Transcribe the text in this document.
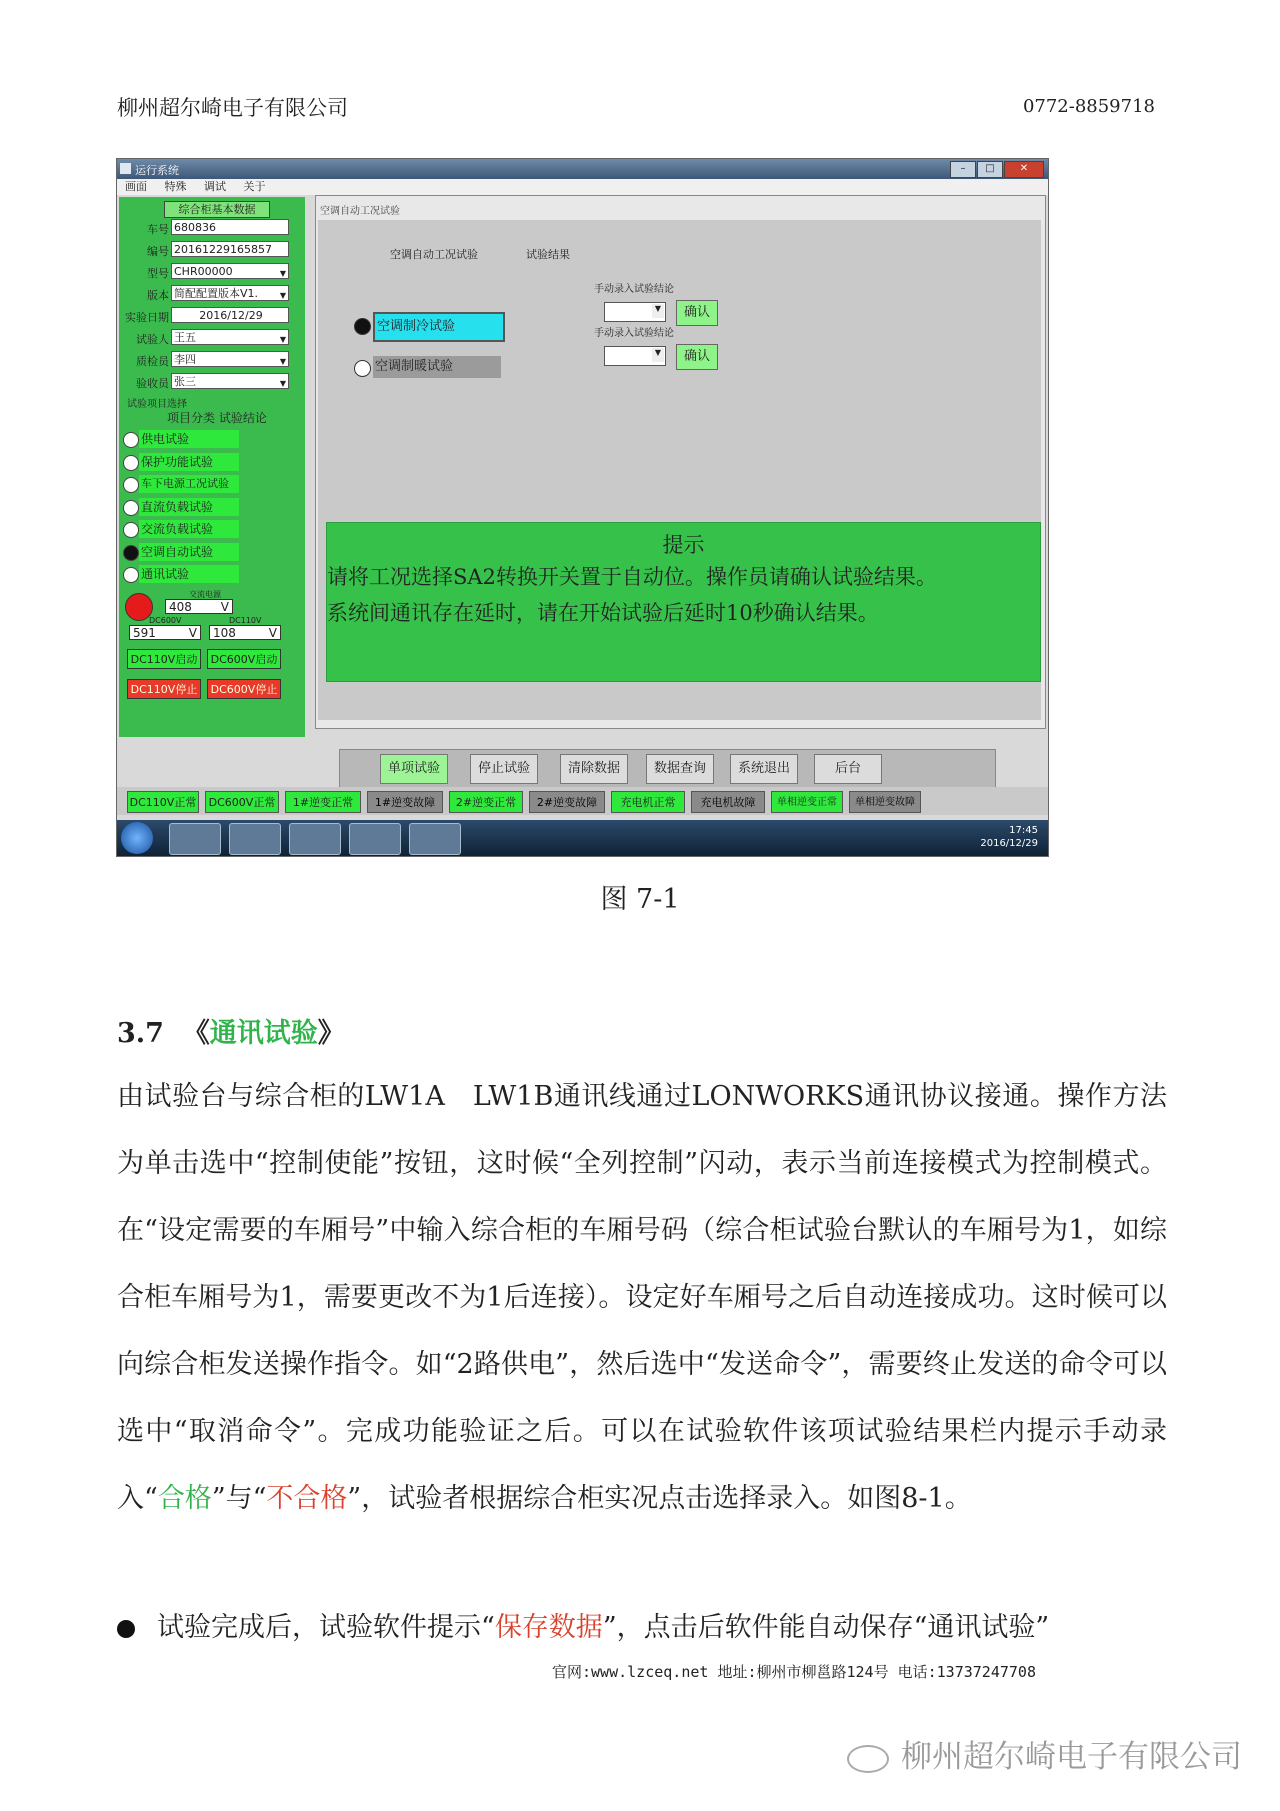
柳州超尔崎电子有限公司	0772-8859718
运行系统	–	□	✕
画面 特殊 调试 关于
综合柜基本数据
车号 680836
编号 20161229165857
型号 CHR00000	▼
版本 简配配置版本V1.	▼
实验日期	2016/12/29
试验人 王五	▼
质检员 李四	▼
验收员 张三	▼
试验项目选择
项目分类 试验结论
供电试验
保护功能试验
车下电源工况试验
直流负载试验
交流负载试验
空调自动试验
通讯试验
交流电源
408 V
DC600V	DC110V
591	V	108	V
DC110V启动	DC600V启动
DC110V停止	DC600V停止
空调自动工况试验
空调自动工况试验	试验结果
空调制冷试验
空调制暖试验
手动录入试验结论
▼	确认
手动录入试验结论
▼	确认
提示
请将工况选择SA2转换开关置于自动位。操作员请确认试验结果。
系统间通讯存在延时，请在开始试验后延时10秒确认结果。
单项试验	停止试验	清除数据	数据查询	系统退出	后台
DC110V正常	DC600V正常	1#逆变正常	1#逆变故障	2#逆变正常	2#逆变故障	充电机正常	充电机故障	单相逆变正常	单相逆变故障
17:45
2016/12/29
图 7-1
3.7 《通讯试验》
由试验台与综合柜的LW1A　LW1B通讯线通过LONWORKS通讯协议接通。操作方法为单击选中“控制使能”按钮，这时候“全列控制”闪动，表示当前连接模式为控制模式。在“设定需要的车厢号”中输入综合柜的车厢号码（综合柜试验台默认的车厢号为1，如综合柜车厢号为1，需要更改不为1后连接）。设定好车厢号之后自动连接成功。这时候可以向综合柜发送操作指令。如“2路供电”，然后选中“发送命令”，需要终止发送的命令可以选中“取消命令”。完成功能验证之后。可以在试验软件该项试验结果栏内提示手动录入“合格”与“不合格”，试验者根据综合柜实况点击选择录入。如图8-1。
试验完成后，试验软件提示“保存数据”，点击后软件能自动保存“通讯试验”
官网:www.lzceq.net 地址:柳州市柳邕路124号 电话:13737247708
柳州超尔崎电子有限公司
